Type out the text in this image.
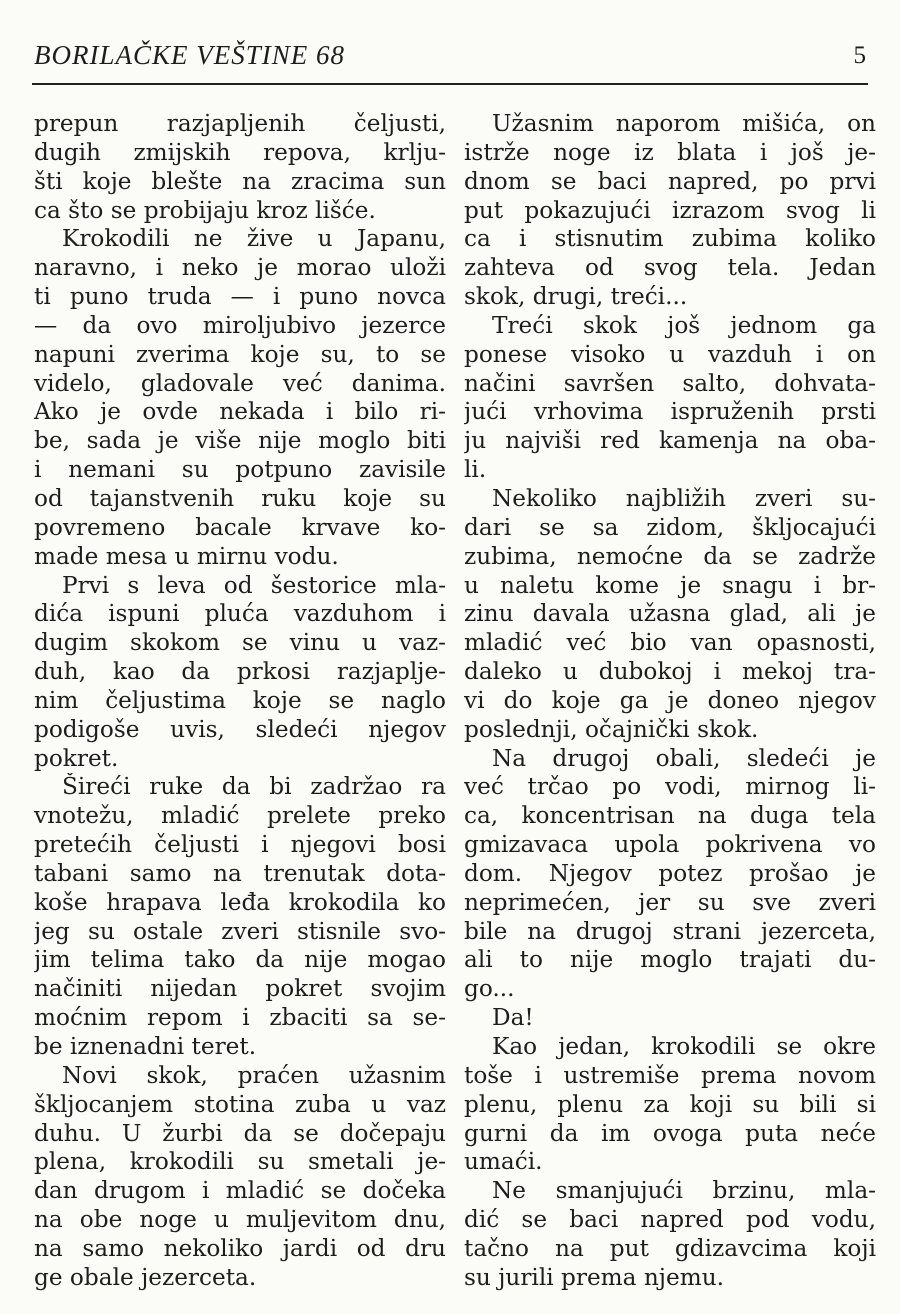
BORILAČKE VEŠTINE 68	5
prepun razjapljenih čeljusti,
dugih zmijskih repova, krlju-
šti koje blešte na zracima sun
ca što se probijaju kroz lišće.
Krokodili ne žive u Japanu,
naravno, i neko je morao uloži
ti puno truda — i puno novca
— da ovo miroljubivo jezerce
napuni zverima koje su, to se
videlo, gladovale već danima.
Ako je ovde nekada i bilo ri-
be, sada je više nije moglo biti
i nemani su potpuno zavisile
od tajanstvenih ruku koje su
povremeno bacale krvave ko-
made mesa u mirnu vodu.
Prvi s leva od šestorice mla-
dića ispuni pluća vazduhom i
dugim skokom se vinu u vaz-
duh, kao da prkosi razjaplje-
nim čeljustima koje se naglo
podigoše uvis, sledeći njegov
pokret.
Šireći ruke da bi zadržao ra
vnotežu, mladić prelete preko
pretećih čeljusti i njegovi bosi
tabani samo na trenutak dota-
koše hrapava leđa krokodila ko
jeg su ostale zveri stisnile svo-
jim telima tako da nije mogao
načiniti nijedan pokret svojim
moćnim repom i zbaciti sa se-
be iznenadni teret.
Novi skok, praćen užasnim
škljocanjem stotina zuba u vaz
duhu. U žurbi da se dočepaju
plena, krokodili su smetali je-
dan drugom i mladić se dočeka
na obe noge u muljevitom dnu,
na samo nekoliko jardi od dru
ge obale jezerceta.
Užasnim naporom mišića, on
istrže noge iz blata i još je-
dnom se baci napred, po prvi
put pokazujući izrazom svog li
ca i stisnutim zubima koliko
zahteva od svog tela. Jedan
skok, drugi, treći...
Treći skok još jednom ga
ponese visoko u vazduh i on
načini savršen salto, dohvata-
jući vrhovima ispruženih prsti
ju najviši red kamenja na oba-
li.
Nekoliko najbližih zveri su-
dari se sa zidom, škljocajući
zubima, nemoćne da se zadrže
u naletu kome je snagu i br-
zinu davala užasna glad, ali je
mladić već bio van opasnosti,
daleko u dubokoj i mekoj tra-
vi do koje ga je doneo njegov
poslednji, očajnički skok.
Na drugoj obali, sledeći je
već trčao po vodi, mirnog li-
ca, koncentrisan na duga tela
gmizavaca upola pokrivena vo
dom. Njegov potez prošao je
neprimećen, jer su sve zveri
bile na drugoj strani jezerceta,
ali to nije moglo trajati du-
go...
Da!
Kao jedan, krokodili se okre
toše i ustremiše prema novom
plenu, plenu za koji su bili si
gurni da im ovoga puta neće
umaći.
Ne smanjujući brzinu, mla-
dić se baci napred pod vodu,
tačno na put gdizavcima koji
su jurili prema njemu.
